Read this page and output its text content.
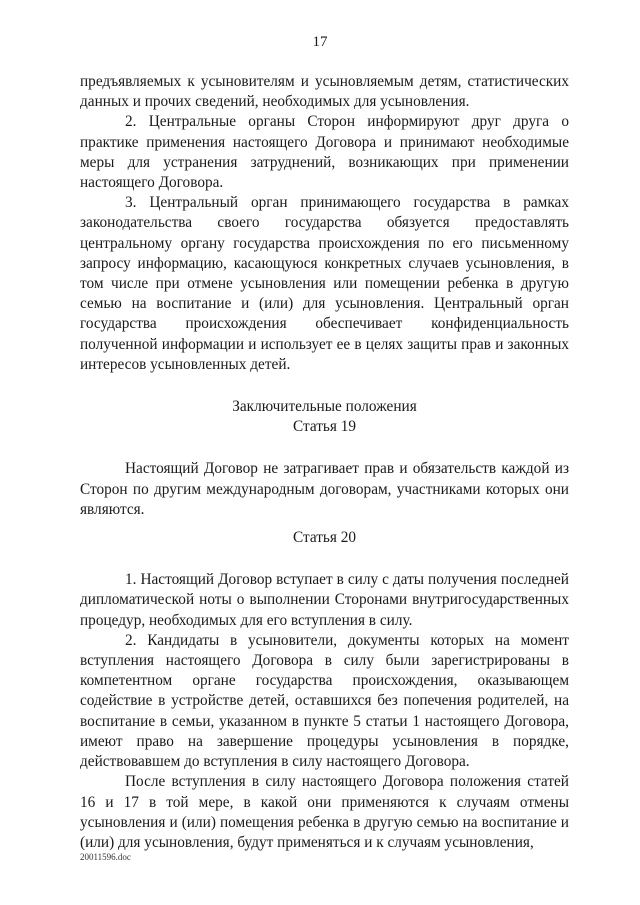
17

предъявляемых к усыновителям и усыновляемым детям, статистических данных и прочих сведений, необходимых для усыновления.

2. Центральные органы Сторон информируют друг друга о практике применения настоящего Договора и принимают необходимые меры для устранения затруднений, возникающих при применении настоящего Договора.

3. Центральный орган принимающего государства в рамках законодательства своего государства обязуется предоставлять центральному органу государства происхождения по его письменному запросу информацию, касающуюся конкретных случаев усыновления, в том числе при отмене усыновления или помещении ребенка в другую семью на воспитание и (или) для усыновления. Центральный орган государства происхождения обеспечивает конфиденциальность полученной информации и использует ее в целях защиты прав и законных интересов усыновленных детей.

Заключительные положения

Статья 19

Настоящий Договор не затрагивает прав и обязательств каждой из Сторон по другим международным договорам, участниками которых они являются.

Статья 20

1. Настоящий Договор вступает в силу с даты получения последней дипломатической ноты о выполнении Сторонами внутригосударственных процедур, необходимых для его вступления в силу.

2. Кандидаты в усыновители, документы которых на момент вступления настоящего Договора в силу были зарегистрированы в компетентном органе государства происхождения, оказывающем содействие в устройстве детей, оставшихся без попечения родителей, на воспитание в семьи, указанном в пункте 5 статьи 1 настоящего Договора, имеют право на завершение процедуры усыновления в порядке, действовавшем до вступления в силу настоящего Договора.

После вступления в силу настоящего Договора положения статей 16 и 17 в той мере, в какой они применяются к случаям отмены усыновления и (или) помещения ребенка в другую семью на воспитание и (или) для усыновления, будут применяться и к случаям усыновления,

20011596.doc
